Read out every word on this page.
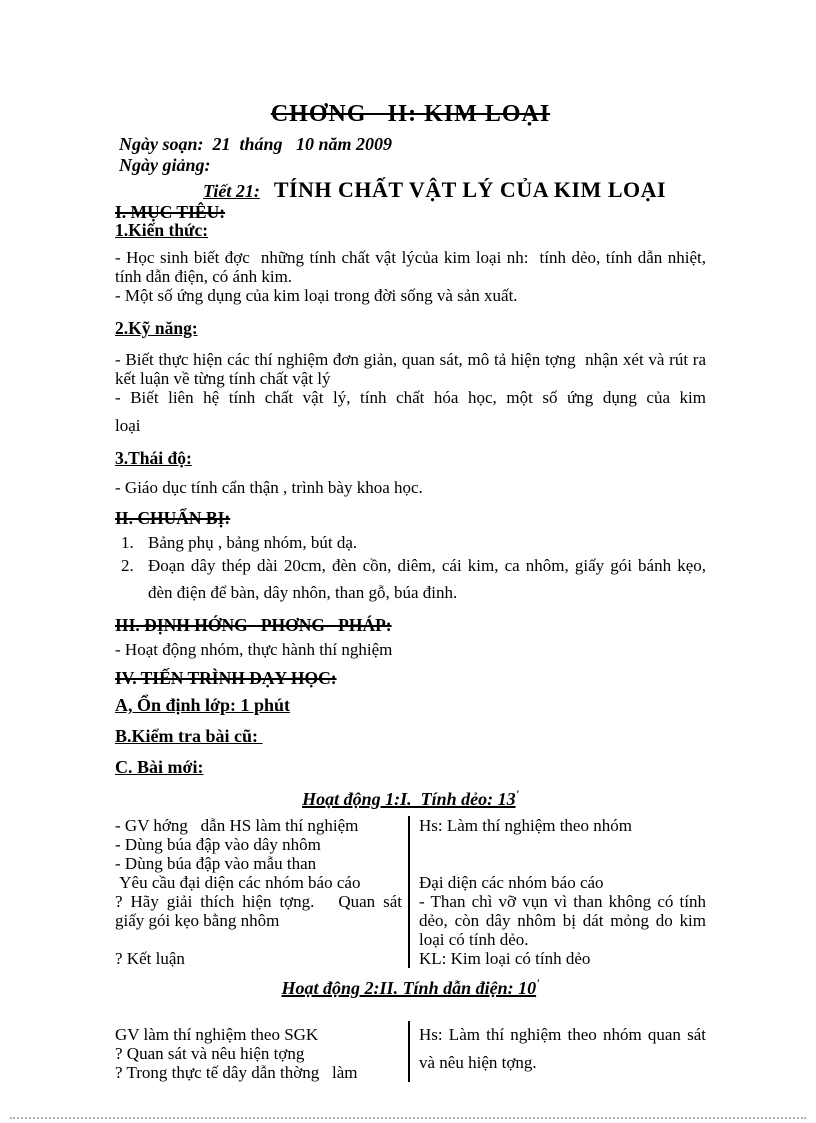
CHƠNG   II: KIM LOẠI
Ngày soạn:  21  tháng   10 năm 2009
Ngày giảng:
Tiết 21: TÍNH CHẤT VẬT LÝ CỦA KIM LOẠI
I. MỤC TIÊU:
1.Kiến thức:
- Học sinh biết đợc  những tính chất vật lýcủa kim loại nh:  tính dẻo, tính dẫn nhiệt, tính dẫn điện, có ánh kim.
- Một số ứng dụng của kim loại trong đời sống và sản xuất.
2.Kỹ năng:
- Biết thực hiện các thí nghiệm đơn giản, quan sát, mô tả hiện tợng  nhận xét và rút ra kết luận về từng tính chất vật lý
- Biết liên hệ tính chất vật lý, tính chất hóa học, một số ứng dụng của kim
loại
3.Thái độ:
- Giáo dục tính cẩn thận , trình bày khoa học.
II. CHUẨN BỊ:
1. Bảng phụ , bảng nhóm, bút dạ.
2. Đoạn dây thép dài 20cm, đèn cồn, diêm, cái kim, ca nhôm, giấy gói bánh kẹo, đèn điện để bàn, dây nhôn, than gỗ, búa đinh.
III. ĐỊNH HỚNG   PHƠNG   PHÁP:
- Hoạt động nhóm, thực hành thí nghiệm
IV. TIẾN TRÌNH DẠY HỌC:
A, Ổn định lớp: 1 phút
B.Kiểm tra bài cũ:
C. Bài mới:
Hoạt động 1:I.  Tính dẻo: 13'
- GV hớng   dẫn HS làm thí nghiệm
- Dùng búa đập vào dây nhôm
- Dùng búa đập vào mẫu than
Yêu cầu đại diện các nhóm báo cáo
? Hãy giải thích hiện tợng.   Quan sát giấy gói kẹo bằng nhôm
? Kết luận
Hs: Làm thí nghiệm theo nhóm
Đại diện các nhóm báo cáo
- Than chì vỡ vụn vì than không có tính dẻo, còn dây nhôm bị dát mỏng do kim loại có tính dẻo.
KL: Kim loại có tính dẻo
Hoạt động 2:II. Tính dẫn điện: 10'
GV làm thí nghiệm theo SGK
? Quan sát và nêu hiện tợng
? Trong thực tế dây dẫn thờng   làm
Hs: Làm thí nghiệm theo nhóm quan sát và nêu hiện tợng.
